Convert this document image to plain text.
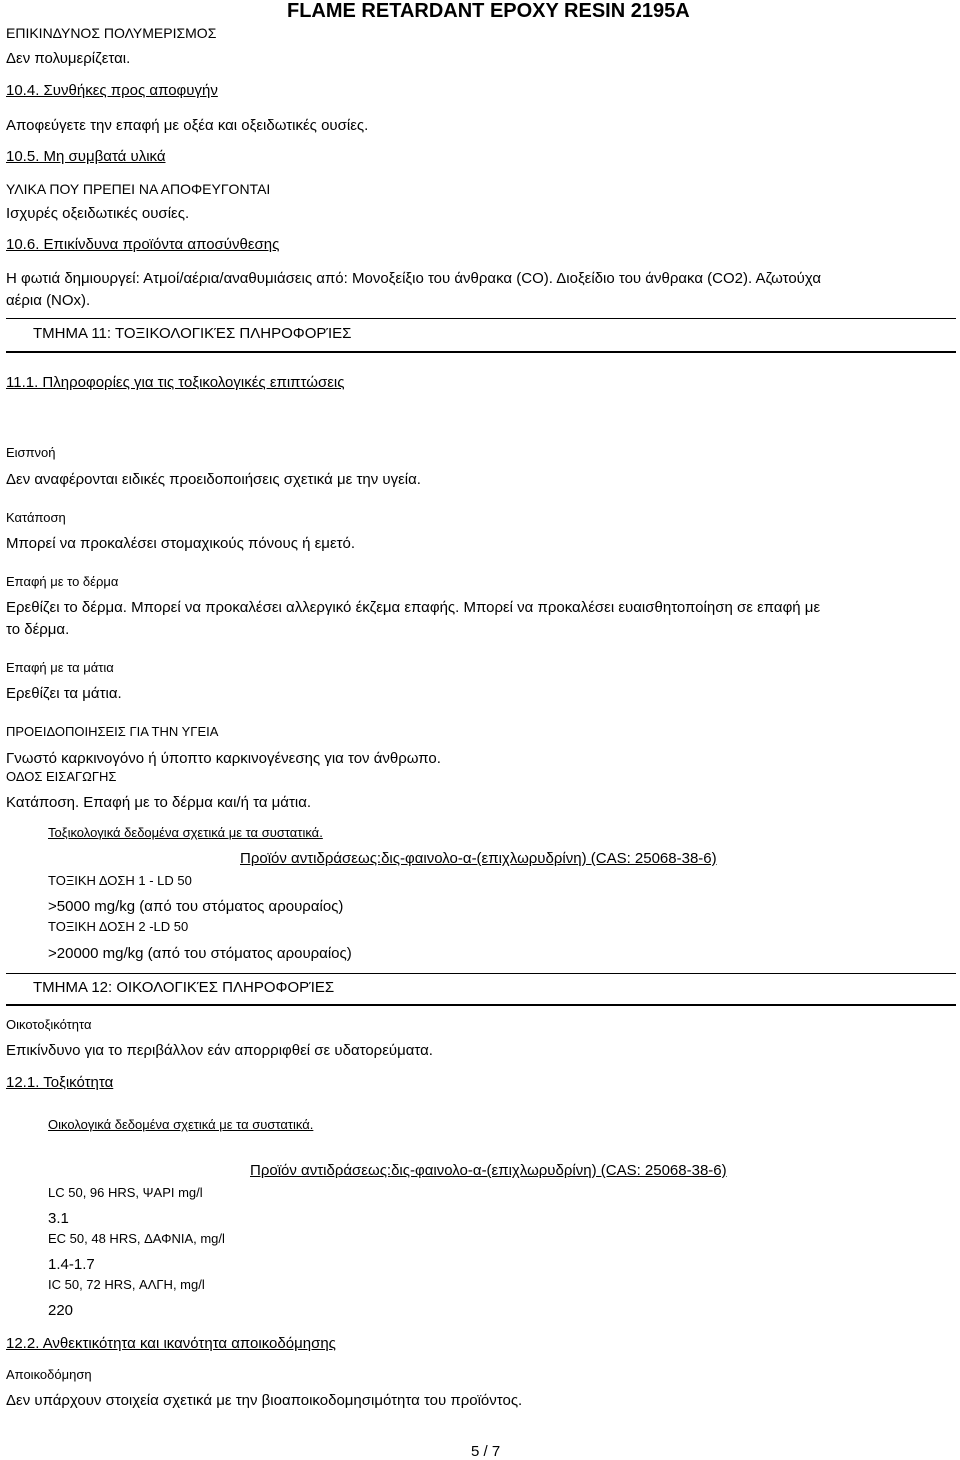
ΕΠΙΚΙΝΔΥΝΟΣ ΠΟΛΥΜΕΡΙΣΜΟΣ
FLAME RETARDANT EPOXY RESIN 2195A
Δεν πολυμερίζεται.
10.4. Συνθήκες προς αποφυγήν
Αποφεύγετε την επαφή με οξέα και οξειδωτικές ουσίες.
10.5. Μη συμβατά υλικά
ΥΛΙΚΑ ΠΟΥ ΠΡΕΠΕΙ ΝΑ ΑΠΟΦΕΥΓΟΝΤΑΙ
Ισχυρές οξειδωτικές ουσίες.
10.6. Επικίνδυνα προϊόντα αποσύνθεσης
Η φωτιά δημιουργεί: Ατμοί/αέρια/αναθυμιάσεις από: Μονοξείξιο του άνθρακα (CO). Διοξείδιο του άνθρακα (CO2). Αζωτούχα
αέρια (NOx).
ΤΜΗΜΑ 11: ΤΟΞΙΚΟΛΟΓΙΚΈΣ ΠΛΗΡΟΦΟΡΊΕΣ
11.1. Πληροφορίες για τις τοξικολογικές επιπτώσεις
Εισπνοή
Δεν αναφέρονται ειδικές προειδοποιήσεις σχετικά με την υγεία.
Κατάποση
Μπορεί να προκαλέσει στομαχικούς πόνους ή εμετό.
Επαφή με το δέρμα
Ερεθίζει το δέρμα. Μπορεί να προκαλέσει αλλεργικό έκζεμα επαφής. Μπορεί να προκαλέσει ευαισθητοποίηση σε επαφή με
το δέρμα.
Επαφή με τα μάτια
Ερεθίζει τα μάτια.
ΠΡΟΕΙΔΟΠΟΙΗΣΕΙΣ ΓΙΑ ΤΗΝ ΥΓΕΙΑ
Γνωστό καρκινογόνο ή ύποπτο καρκινογένεσης για τον άνθρωπο.
ΟΔΟΣ ΕΙΣΑΓΩΓΗΣ
Κατάποση. Επαφή με το δέρμα και/ή τα μάτια.
Τοξικολογικά δεδομένα σχετικά με τα συστατικά.
Προϊόν αντιδράσεως:δις-φαινολο-α-(επιχλωρυδρίνη) (CAS: 25068-38-6)
ΤΟΞΙΚΗ ΔΟΣΗ 1 - LD 50
>5000 mg/kg (από του στόματος αρουραίος)
ΤΟΞΙΚΗ ΔΟΣΗ 2 -LD 50
>20000 mg/kg (από του στόματος αρουραίος)
ΤΜΗΜΑ 12: ΟΙΚΟΛΟΓΙΚΈΣ ΠΛΗΡΟΦΟΡΊΕΣ
Οικοτοξικότητα
Επικίνδυνο για το περιβάλλον εάν απορριφθεί σε υδατορεύματα.
12.1. Τοξικότητα
Οικολογικά δεδομένα σχετικά με τα συστατικά.
Προϊόν αντιδράσεως:δις-φαινολο-α-(επιχλωρυδρίνη) (CAS: 25068-38-6)
LC 50, 96 HRS, ΨΑΡΙ mg/l
3.1
EC 50, 48 HRS, ΔΑΦΝΙΑ, mg/l
1.4-1.7
IC 50, 72 HRS, ΑΛΓΗ, mg/l
220
12.2. Ανθεκτικότητα και ικανότητα αποικοδόμησης
Αποικοδόμηση
Δεν υπάρχουν στοιχεία σχετικά με την βιοαποικοδομησιμότητα του προϊόντος.
5 / 7
